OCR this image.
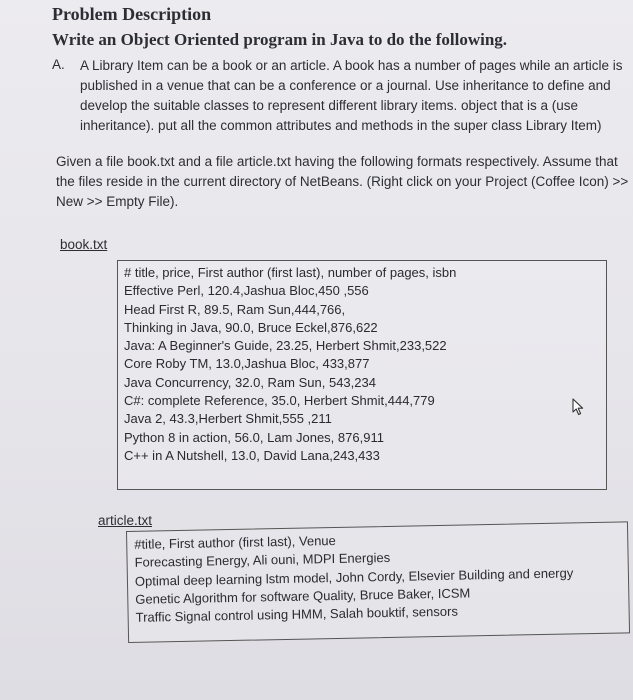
Problem Description
Write an Object Oriented program in Java to do the following.
A. A Library Item can be a book or an article. A book has a number of pages while an article is published in a venue that can be a conference or a journal. Use inheritance to define and develop the suitable classes to represent different library items. object that is a (use inheritance). put all the common attributes and methods in the super class Library Item)
Given a file book.txt and a file article.txt having the following formats respectively. Assume that the files reside in the current directory of NetBeans. (Right click on your Project (Coffee Icon) >> New >> Empty File).
book.txt
# title, price, First author (first last), number of pages, isbn
Effective Perl, 120.4,Jashua Bloc,450 ,556
Head First R, 89.5, Ram Sun,444,766,
Thinking in Java, 90.0, Bruce Eckel,876,622
Java: A Beginner's Guide, 23.25, Herbert Shmit,233,522
Core Roby TM, 13.0,Jashua Bloc, 433,877
Java Concurrency, 32.0, Ram Sun, 543,234
C#: complete Reference, 35.0, Herbert Shmit,444,779
Java 2, 43.3,Herbert Shmit,555 ,211
Python 8 in action, 56.0, Lam Jones, 876,911
C++ in A Nutshell, 13.0, David Lana,243,433
article.txt
#title, First author (first last), Venue
Forecasting Energy, Ali ouni, MDPI Energies
Optimal deep learning lstm model, John Cordy, Elsevier Building and energy
Genetic Algorithm for software Quality, Bruce Baker, ICSM
Traffic Signal control using HMM, Salah bouktif, sensors
